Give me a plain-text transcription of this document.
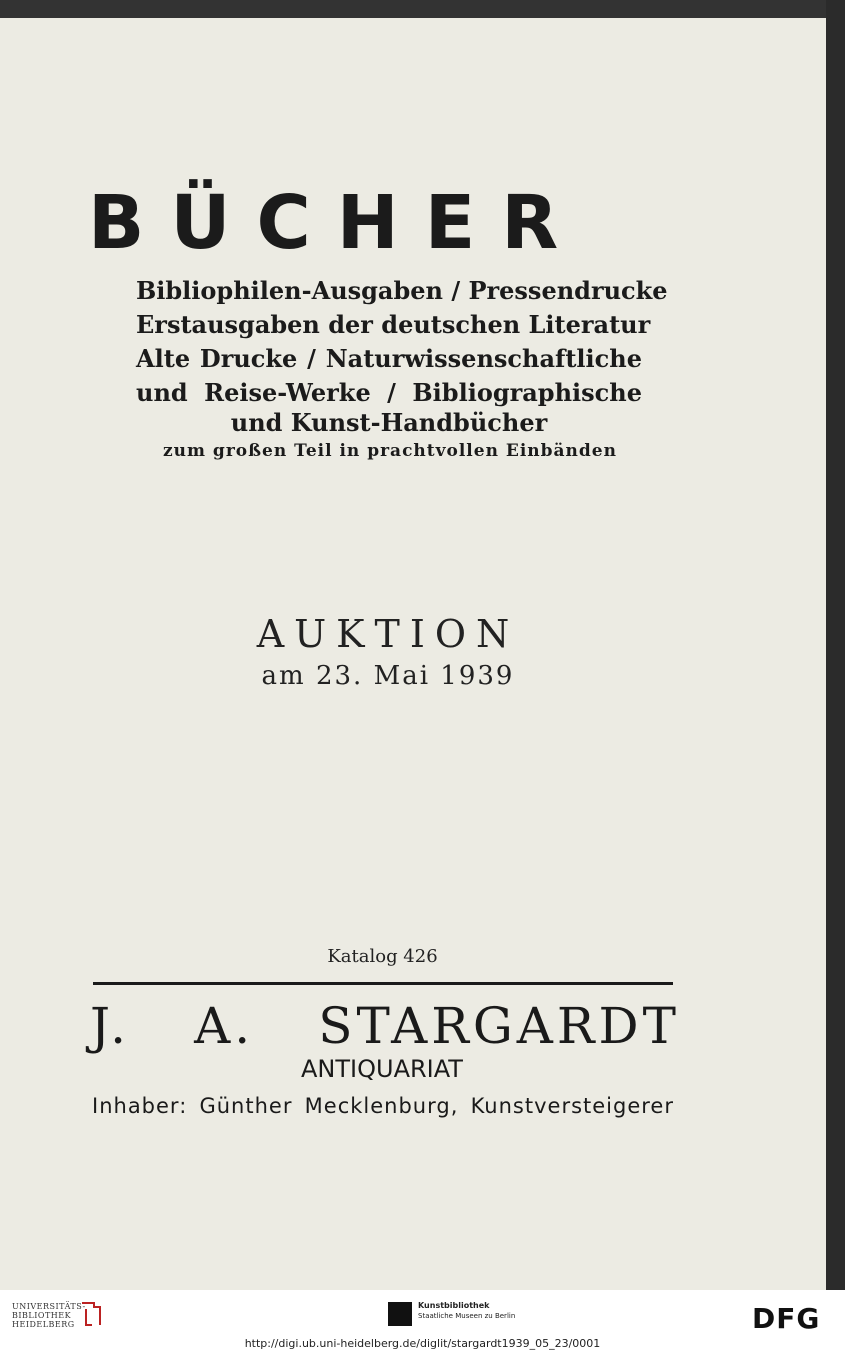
BÜCHER
Bibliophilen-Ausgaben / Pressendrucke
Erstausgaben der deutschen Literatur
Alte Drucke / Naturwissenschaftliche
und Reise-Werke / Bibliographische
und Kunst-Handbücher
zum großen Teil in prachtvollen Einbänden
AUKTION
am 23. Mai 1939
Katalog 426
J. A. STARGARDT
ANTIQUARIAT
Inhaber: Günther Mecklenburg, Kunstversteigerer
UNIVERSITÄTS-
BIBLIOTHEK
HEIDELBERG
Kunstbibliothek
Staatliche Museen zu Berlin	DFG
http://digi.ub.uni-heidelberg.de/diglit/stargardt1939_05_23/0001
